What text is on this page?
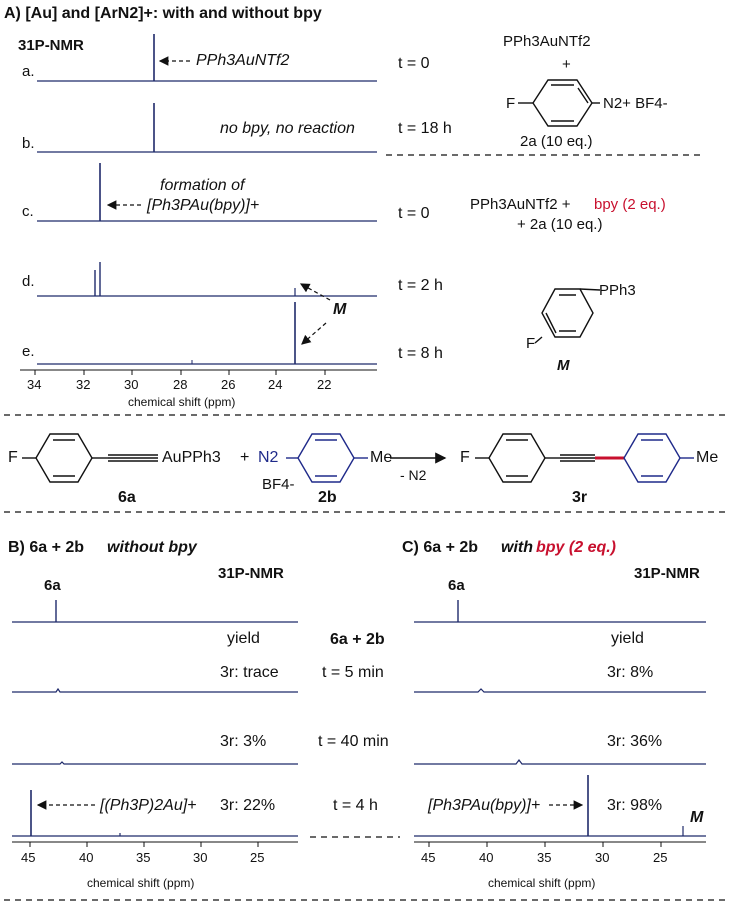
A) [Au] and [ArN2]+: with and without bpy
31P-NMR
a.
PPh3AuNTf2	t = 0
b.
no bpy, no reaction	t = 18 h
c.
formation of
[Ph3PAu(bpy)]+	t = 0
d.	t = 2 h
M
e.	t = 8 h
34	32	30	28	26	24	22
chemical shift (ppm)
PPh3AuNTf2
+
F	N2+ BF4-
2a (10 eq.)
PPh3AuNTf2 + bpy (2 eq.)
+ 2a (10 eq.)
PPh3
F
M
F	AuPPh3
6a
+ N2
BF4-
Me
2b
- N2
F	Me
3r
B) 6a + 2b without bpy
31P-NMR
6a
yield
3r: trace
3r: 3%
3r: 22%
[(Ph3P)2Au]+
45	40	35	30	25
chemical shift (ppm)
6a + 2b
t = 5 min
t = 40 min
t = 4 h
C) 6a + 2b with bpy (2 eq.)
31P-NMR
6a
yield
3r: 8%
3r: 36%
3r: 98%
[Ph3PAu(bpy)]+
M
45	40	35	30	25
chemical shift (ppm)
